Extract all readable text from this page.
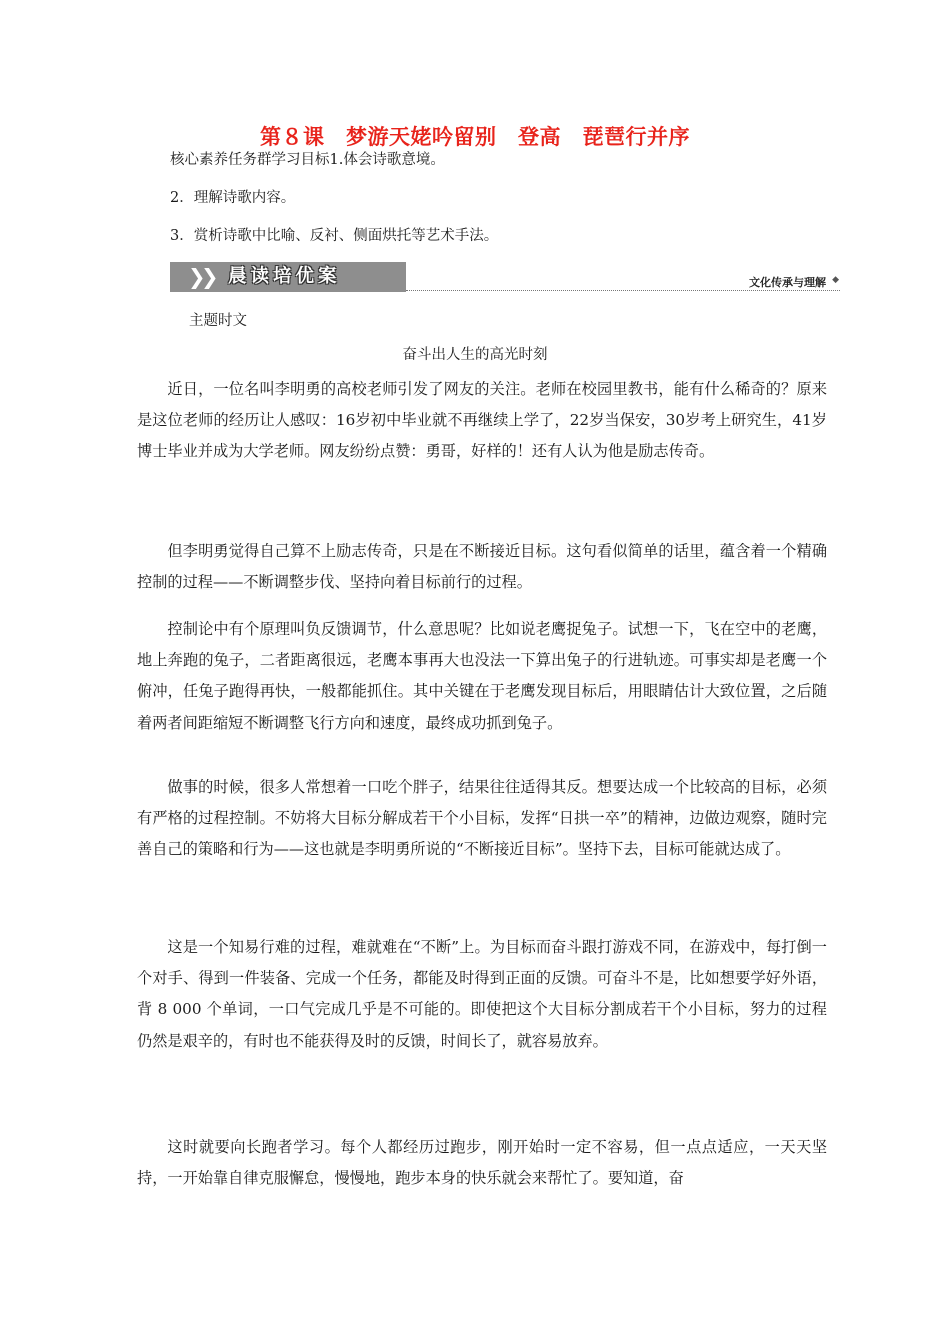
第８课　梦游天姥吟留别　登高　琵琶行并序
核心素养任务群学习目标1.体会诗歌意境。
2．理解诗歌内容。
3．赏析诗歌中比喻、反衬、侧面烘托等艺术手法。
❯
❯ 晨读培优案	文化传承与理解 ◆
主题时文
奋斗出人生的高光时刻

近日，一位名叫李明勇的高校老师引发了网友的关注。老师在校园里教书，能有什么稀奇的？原来是这位老师的经历让人感叹：16岁初中毕业就不再继续上学了，22岁当保安，30岁考上研究生，41岁博士毕业并成为大学老师。网友纷纷点赞：勇哥，好样的！还有人认为他是励志传奇。

但李明勇觉得自己算不上励志传奇，只是在不断接近目标。这句看似简单的话里，蕴含着一个精确控制的过程——不断调整步伐、坚持向着目标前行的过程。

控制论中有个原理叫负反馈调节，什么意思呢？比如说老鹰捉兔子。试想一下，飞在空中的老鹰，地上奔跑的兔子，二者距离很远，老鹰本事再大也没法一下算出兔子的行进轨迹。可事实却是老鹰一个俯冲，任兔子跑得再快，一般都能抓住。其中关键在于老鹰发现目标后，用眼睛估计大致位置，之后随着两者间距缩短不断调整飞行方向和速度，最终成功抓到兔子。

做事的时候，很多人常想着一口吃个胖子，结果往往适得其反。想要达成一个比较高的目标，必须有严格的过程控制。不妨将大目标分解成若干个小目标，发挥“日拱一卒”的精神，边做边观察，随时完善自己的策略和行为——这也就是李明勇所说的“不断接近目标”。坚持下去，目标可能就达成了。

这是一个知易行难的过程，难就难在“不断”上。为目标而奋斗跟打游戏不同，在游戏中，每打倒一个对手、得到一件装备、完成一个任务，都能及时得到正面的反馈。可奋斗不是，比如想要学好外语，背 8 000 个单词，一口气完成几乎是不可能的。即使把这个大目标分割成若干个小目标，努力的过程仍然是艰辛的，有时也不能获得及时的反馈，时间长了，就容易放弃。

这时就要向长跑者学习。每个人都经历过跑步，刚开始时一定不容易，但一点点适应，一天天坚持，一开始靠自律克服懈怠，慢慢地，跑步本身的快乐就会来帮忙了。要知道，奋
